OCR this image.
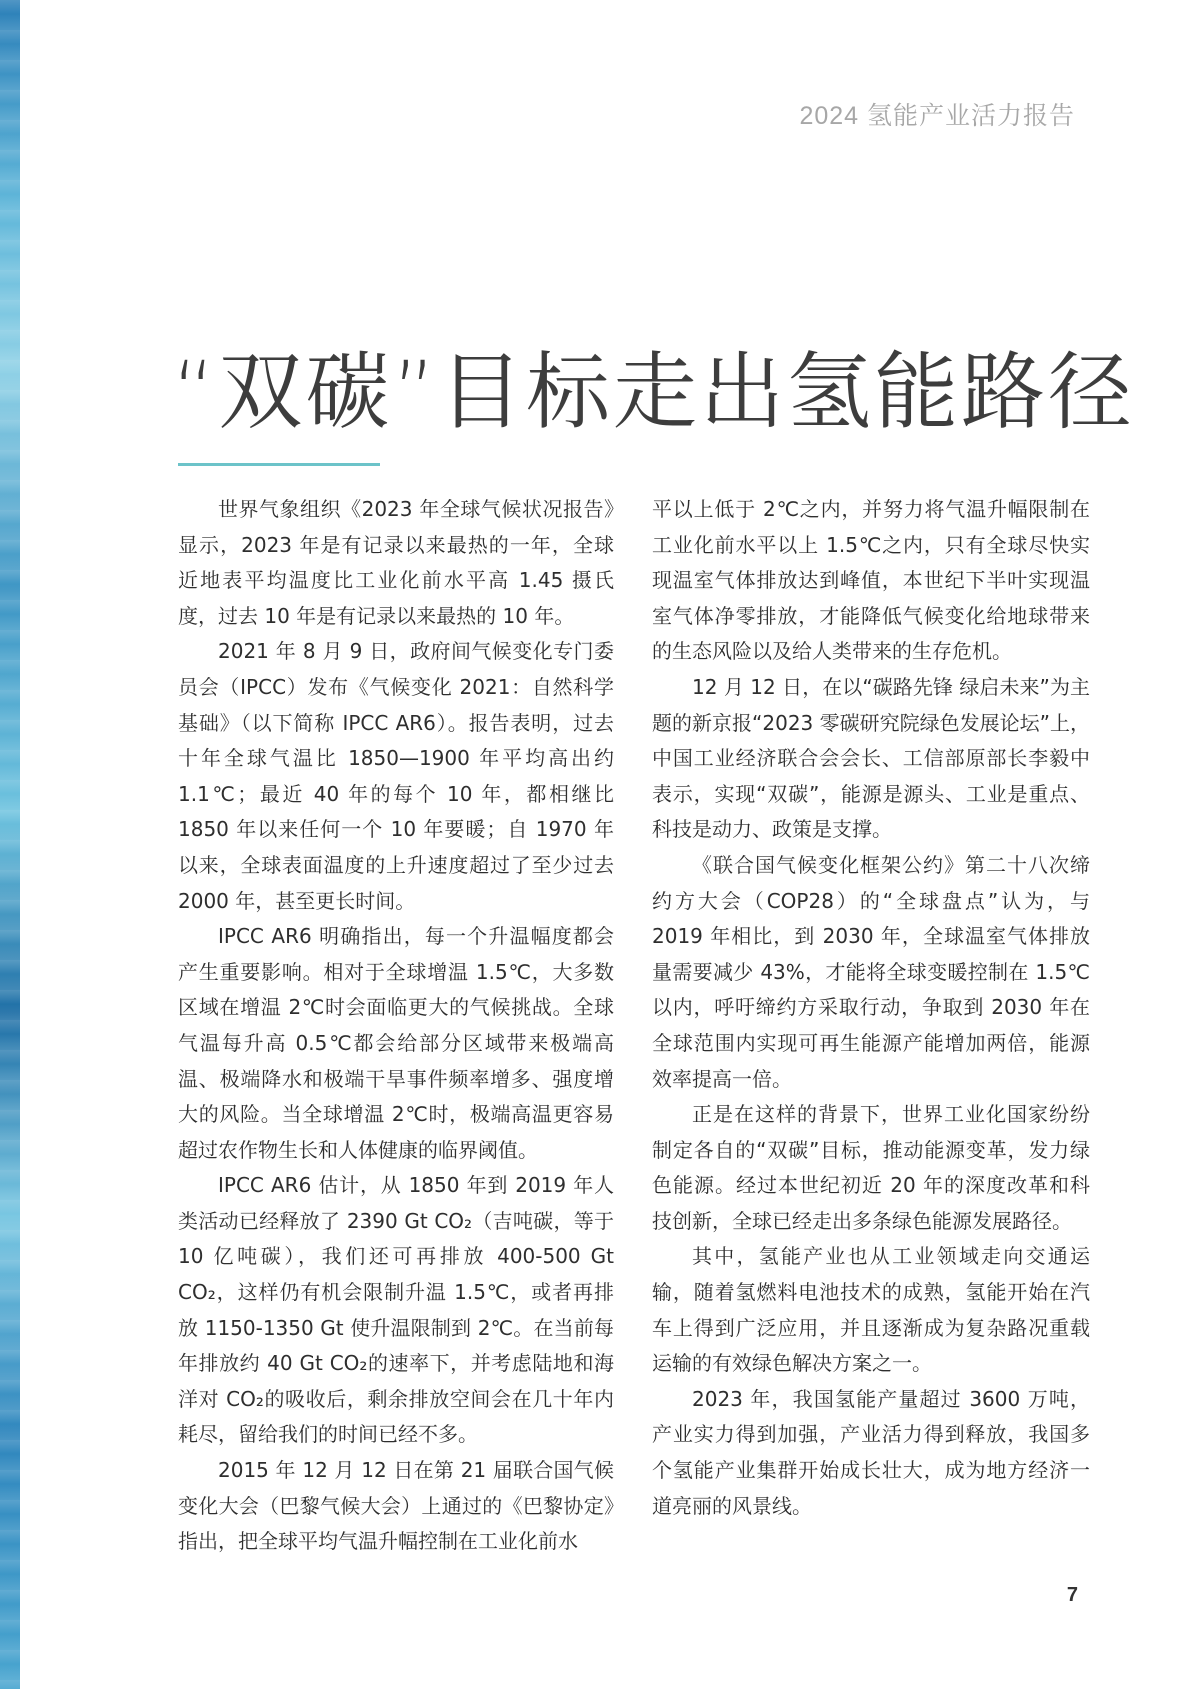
2024 氢能产业活力报告
“双碳”目标走出氢能路径

世界气象组织《2023 年全球气候状况报告》显示，2023 年是有记录以来最热的一年，全球近地表平均温度比工业化前水平高 1.45 摄氏度，过去 10 年是有记录以来最热的 10 年。

2021 年 8 月 9 日，政府间气候变化专门委员会（IPCC）发布《气候变化 2021：自然科学基础》（以下简称 IPCC AR6）。报告表明，过去十年全球气温比 1850—1900 年平均高出约 1.1℃；最近 40 年的每个 10 年，都相继比 1850 年以来任何一个 10 年要暖；自 1970 年以来，全球表面温度的上升速度超过了至少过去 2000 年，甚至更长时间。

IPCC AR6 明确指出，每一个升温幅度都会产生重要影响。相对于全球增温 1.5℃，大多数区域在增温 2℃时会面临更大的气候挑战。全球气温每升高 0.5℃都会给部分区域带来极端高温、极端降水和极端干旱事件频率增多、强度增大的风险。当全球增温 2℃时，极端高温更容易超过农作物生长和人体健康的临界阈值。

IPCC AR6 估计，从 1850 年到 2019 年人类活动已经释放了 2390 Gt CO₂（吉吨碳，等于 10 亿吨碳），我们还可再排放 400-500 Gt CO₂，这样仍有机会限制升温 1.5℃，或者再排放 1150-1350 Gt 使升温限制到 2℃。在当前每年排放约 40 Gt CO₂的速率下，并考虑陆地和海洋对 CO₂的吸收后，剩余排放空间会在几十年内耗尽，留给我们的时间已经不多。

2015 年 12 月 12 日在第 21 届联合国气候变化大会（巴黎气候大会）上通过的《巴黎协定》指出，把全球平均气温升幅控制在工业化前水

平以上低于 2℃之内，并努力将气温升幅限制在工业化前水平以上 1.5℃之内，只有全球尽快实现温室气体排放达到峰值，本世纪下半叶实现温室气体净零排放，才能降低气候变化给地球带来的生态风险以及给人类带来的生存危机。

12 月 12 日，在以“碳路先锋 绿启未来”为主题的新京报“2023 零碳研究院绿色发展论坛”上，中国工业经济联合会会长、工信部原部长李毅中表示，实现“双碳”，能源是源头、工业是重点、科技是动力、政策是支撑。

《联合国气候变化框架公约》第二十八次缔约方大会（COP28）的“全球盘点”认为，与 2019 年相比，到 2030 年，全球温室气体排放量需要减少 43%，才能将全球变暖控制在 1.5℃以内，呼吁缔约方采取行动，争取到 2030 年在全球范围内实现可再生能源产能增加两倍，能源效率提高一倍。

正是在这样的背景下，世界工业化国家纷纷制定各自的“双碳”目标，推动能源变革，发力绿色能源。经过本世纪初近 20 年的深度改革和科技创新，全球已经走出多条绿色能源发展路径。

其中，氢能产业也从工业领域走向交通运输，随着氢燃料电池技术的成熟，氢能开始在汽车上得到广泛应用，并且逐渐成为复杂路况重载运输的有效绿色解决方案之一。

2023 年，我国氢能产量超过 3600 万吨，产业实力得到加强，产业活力得到释放，我国多个氢能产业集群开始成长壮大，成为地方经济一道亮丽的风景线。

7
